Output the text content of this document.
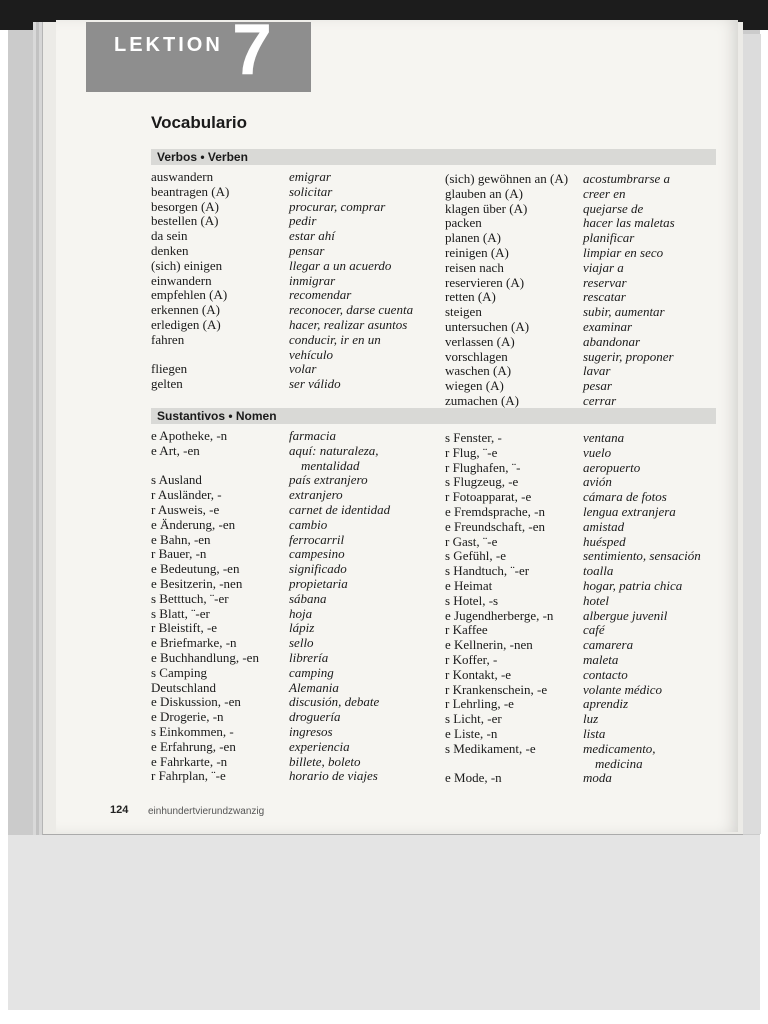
LEKTION 7
Vocabulario
Verbos • Verben
auswandern
beantragen (A)
besorgen (A)
bestellen (A)
da sein
denken
(sich) einigen
einwandern
empfehlen (A)
erkennen (A)
erledigen (A)
fahren
fliegen
gelten
emigrar
solicitar
procurar, comprar
pedir
estar ahí
pensar
llegar a un acuerdo
inmigrar
recomendar
reconocer, darse cuenta
hacer, realizar asuntos
conducir, ir en un
vehículo
volar
ser válido
(sich) gewöhnen an (A)
glauben an (A)
klagen über (A)
packen
planen (A)
reinigen (A)
reisen nach
reservieren (A)
retten (A)
steigen
untersuchen (A)
verlassen (A)
vorschlagen
waschen (A)
wiegen (A)
zumachen (A)
acostumbrarse a
creer en
quejarse de
hacer las maletas
planificar
limpiar en seco
viajar a
reservar
rescatar
subir, aumentar
examinar
abandonar
sugerir, proponer
lavar
pesar
cerrar
Sustantivos • Nomen
e Apotheke, -n
e Art, -en
s Ausland
r Ausländer, -
r Ausweis, -e
e Änderung, -en
e Bahn, -en
r Bauer, -n
e Bedeutung, -en
e Besitzerin, -nen
s Betttuch, ¨-er
s Blatt, ¨-er
r Bleistift, -e
e Briefmarke, -n
e Buchhandlung, -en
s Camping
Deutschland
e Diskussion, -en
e Drogerie, -n
s Einkommen, -
e Erfahrung, -en
e Fahrkarte, -n
r Fahrplan, ¨-e
farmacia
aquí: naturaleza,
mentalidad
país extranjero
extranjero
carnet de identidad
cambio
ferrocarril
campesino
significado
propietaria
sábana
hoja
lápiz
sello
librería
camping
Alemania
discusión, debate
droguería
ingresos
experiencia
billete, boleto
horario de viajes
s Fenster, -
r Flug, ¨-e
r Flughafen, ¨-
s Flugzeug, -e
r Fotoapparat, -e
e Fremdsprache, -n
e Freundschaft, -en
r Gast, ¨-e
s Gefühl, -e
s Handtuch, ¨-er
e Heimat
s Hotel, -s
e Jugendherberge, -n
r Kaffee
e Kellnerin, -nen
r Koffer, -
r Kontakt, -e
r Krankenschein, -e
r Lehrling, -e
s Licht, -er
e Liste, -n
s Medikament, -e
e Mode, -n
ventana
vuelo
aeropuerto
avión
cámara de fotos
lengua extranjera
amistad
huésped
sentimiento, sensación
toalla
hogar, patria chica
hotel
albergue juvenil
café
camarera
maleta
contacto
volante médico
aprendiz
luz
lista
medicamento,
medicina
moda
124 einhundertvierundzwanzig
